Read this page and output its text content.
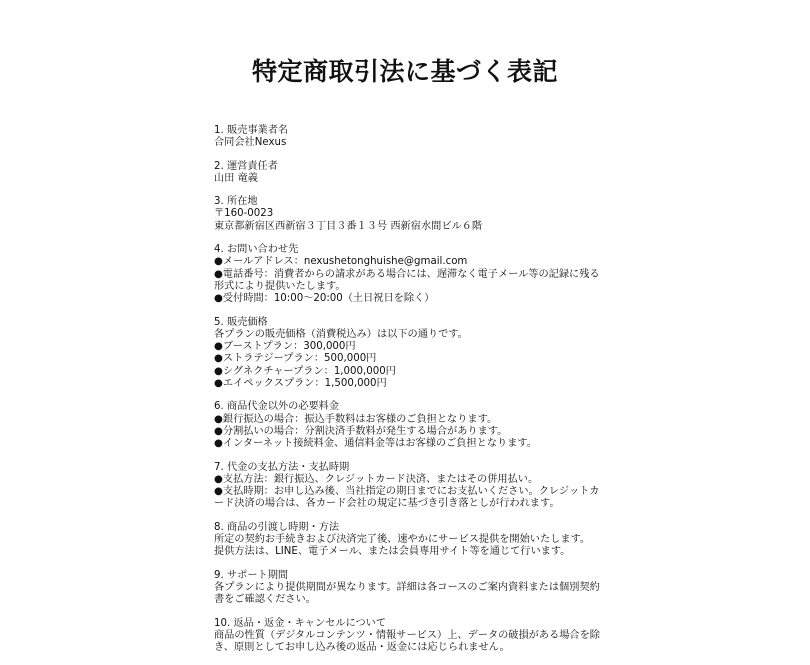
特定商取引法に基づく表記
1. 販売事業者名
合同会社Nexus
2. 運営責任者
山田 竜義
3. 所在地
〒160-0023
東京都新宿区西新宿３丁目３番１３号 西新宿水間ビル６階
4. お問い合わせ先
● メールアドレス：nexushetonghuishe@gmail.com
● 電話番号：消費者からの請求がある場合には、遅滞なく電子メール等の記録に残る形式により提供いたします。
● 受付時間：10:00〜20:00（土日祝日を除く）
5. 販売価格
各プランの販売価格（消費税込み）は以下の通りです。
● ブーストプラン：300,000円
● ストラテジープラン：500,000円
● シグネクチャープラン：1,000,000円
● エイペックスプラン：1,500,000円
6. 商品代金以外の必要料金
● 銀行振込の場合：振込手数料はお客様のご負担となります。
● 分割払いの場合：分割決済手数料が発生する場合があります。
● インターネット接続料金、通信料金等はお客様のご負担となります。
7. 代金の支払方法・支払時期
● 支払方法：銀行振込、クレジットカード決済、またはその併用払い。
● 支払時期：お申し込み後、当社指定の期日までにお支払いください。クレジットカード決済の場合は、各カード会社の規定に基づき引き落としが行われます。
8. 商品の引渡し時期・方法
所定の契約お手続きおよび決済完了後、速やかにサービス提供を開始いたします。
提供方法は、LINE、電子メール、または会員専用サイト等を通じて行います。
9. サポート期間
各プランにより提供期間が異なります。詳細は各コースのご案内資料または個別契約書をご確認ください。
10. 返品・返金・キャンセルについて
商品の性質（デジタルコンテンツ・情報サービス）上、データの破損がある場合を除き、原則としてお申し込み後の返品・返金には応じられません。
